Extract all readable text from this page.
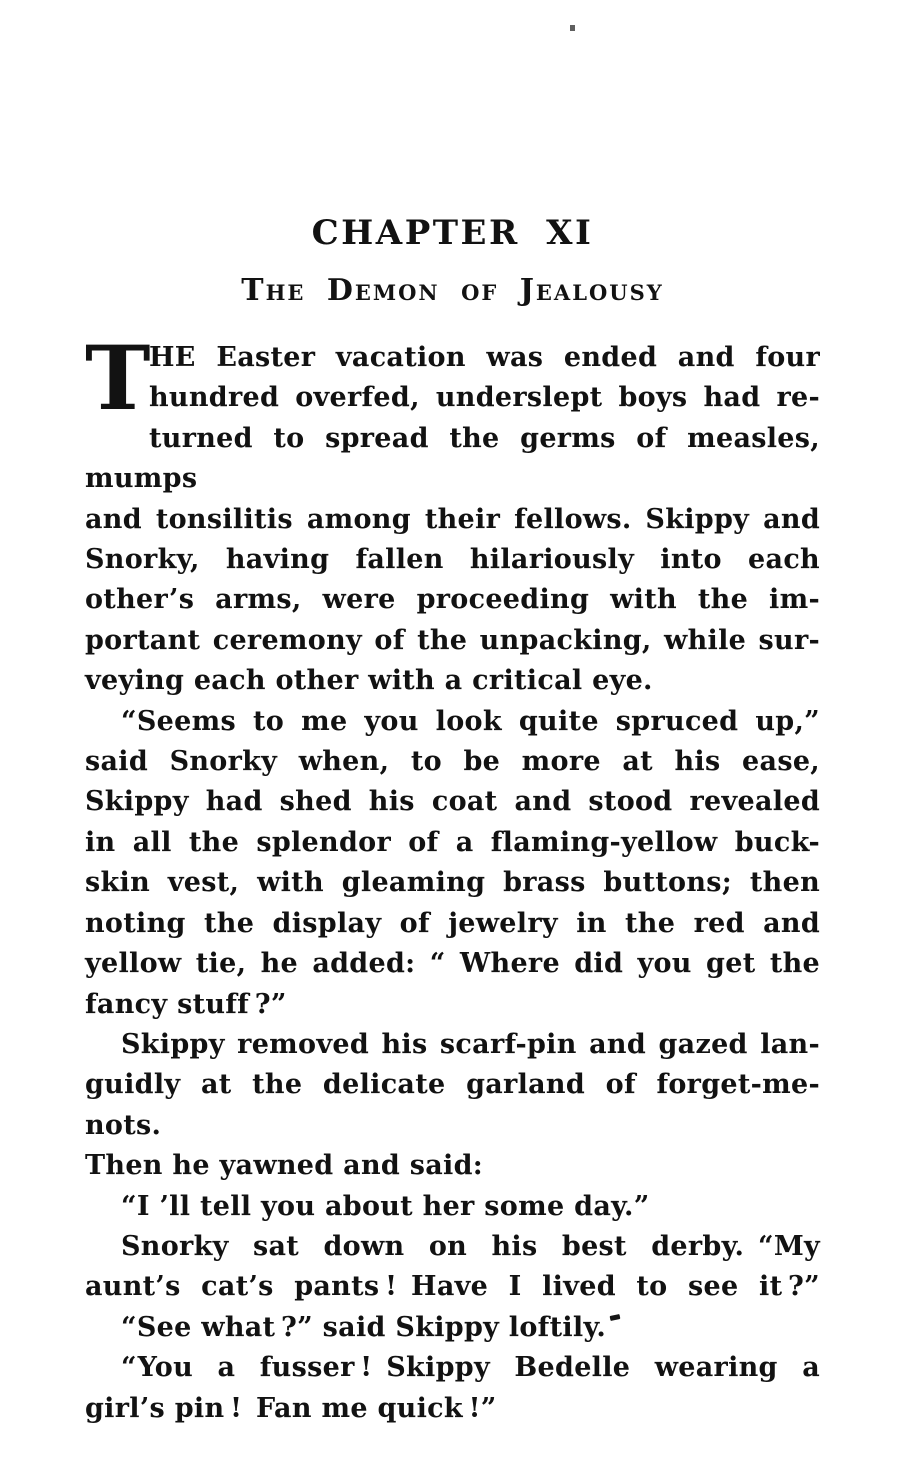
CHAPTER XI
The Demon of Jealousy
T
HE Easter vacation was ended and four
hundred overfed, underslept boys had re-
turned to spread the germs of measles, mumps
and tonsilitis among their fellows. Skippy and
Snorky, having fallen hilariously into each
other’s arms, were proceeding with the im-
portant ceremony of the unpacking, while sur-
veying each other with a critical eye.
“Seems to me you look quite spruced up,”
said Snorky when, to be more at his ease,
Skippy had shed his coat and stood revealed
in all the splendor of a flaming-yellow buck-
skin vest, with gleaming brass buttons; then
noting the display of jewelry in the red and
yellow tie, he added: “ Where did you get the
fancy stuff ?”
Skippy removed his scarf-pin and gazed lan-
guidly at the delicate garland of forget-me-nots.
Then he yawned and said:
“I ’ll tell you about her some day.”
Snorky sat down on his best derby. “My
aunt’s cat’s pants ! Have I lived to see it ?”
“See what ?” said Skippy loftily.
“You a fusser ! Skippy Bedelle wearing a
girl’s pin ! Fan me quick !”
